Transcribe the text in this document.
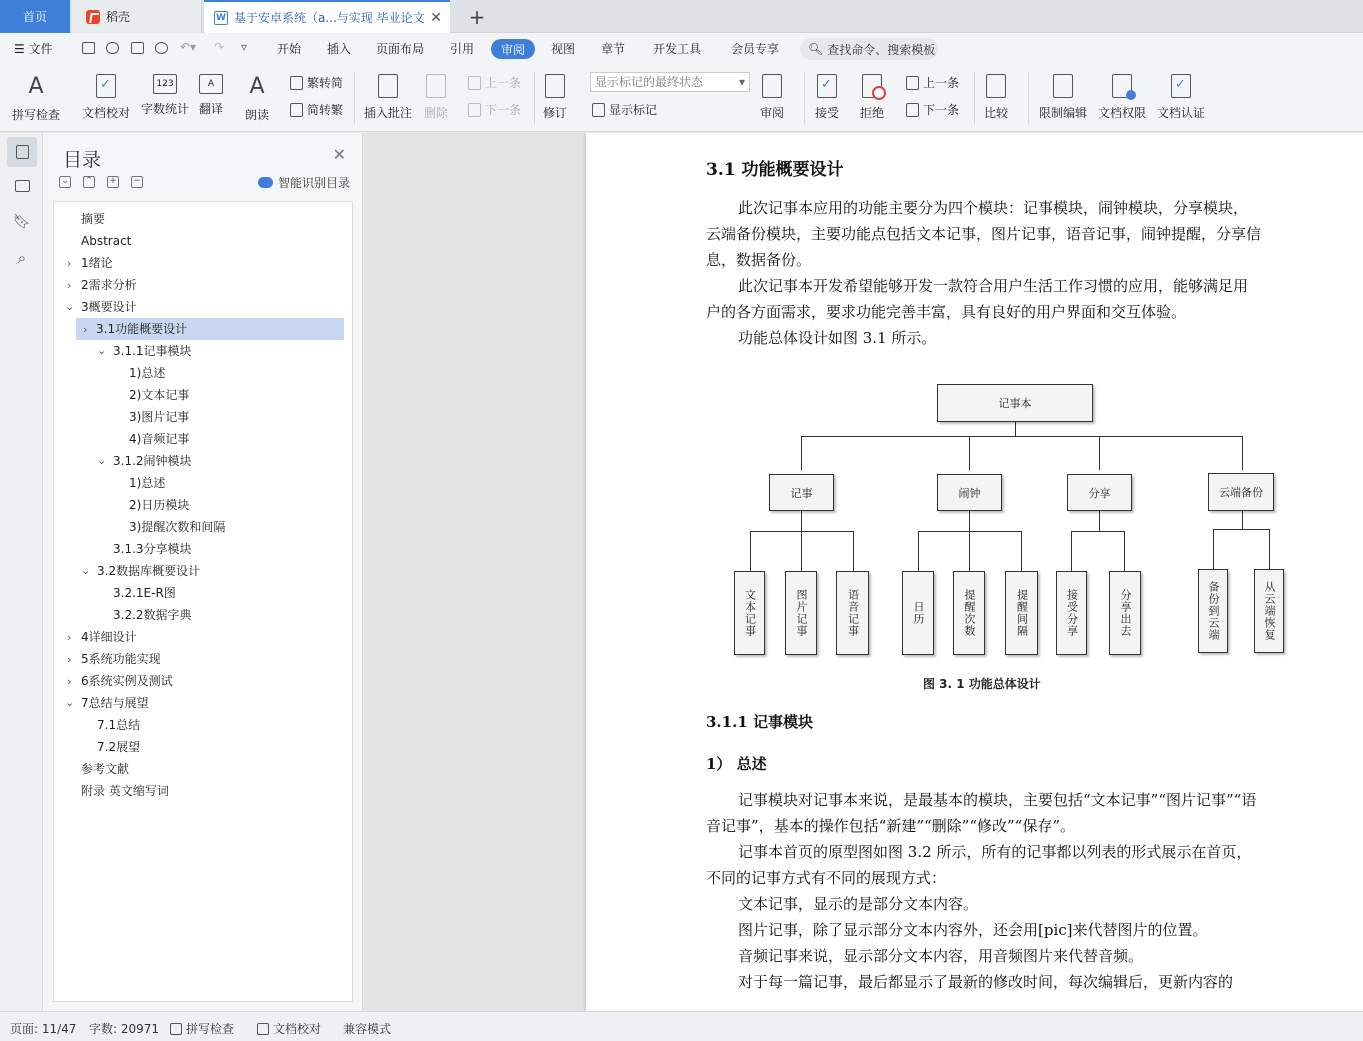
首页	稻壳	W 基于安卓系统（a...与实现 毕业论文 ✕ +
☰ 文件	↶▾ ↷ ▿ 开始 插入 页面布局 引用 审阅 视图 章节 开发工具 会员专享 🔍︎ 查找命令、搜索模板
A
拼写检查
✓ 文档校对
123
字数统计
A
翻译
A
朗读
繁转简
简转繁 插入批注 删除
上一条
下一条 修订
显示标记的最终状态 ▾
显示标记	审阅
✓	接受 拒绝
上一条
下一条 比较	限制编辑 文档权限
✓ 文档认证
🔖︎
⌕
目录	✕
⌄ ⌃ + −	智能识别目录
摘要
Abstract
› 1绪论
› 2需求分析
⌄ 3概要设计
3.1功能概要设计
›
⌄ 3.1.1记事模块
1)总述
2)文本记事
3)图片记事
4)音频记事
⌄ 3.1.2闹钟模块
1)总述
2)日历模块
3)提醒次数和间隔
3.1.3分享模块
⌄ 3.2数据库概要设计
3.2.1E-R图
3.2.2数据字典
› 4详细设计
› 5系统功能实现
› 6系统实例及测试
⌄ 7总结与展望
7.1总结
7.2展望
参考文献
附录 英文缩写词
3.1 功能概要设计
此次记事本应用的功能主要分为四个模块：记事模块，闹钟模块，分享模块，云端备份模块，主要功能点包括文本记事，图片记事，语音记事，闹钟提醒，分享信息，数据备份。
此次记事本开发希望能够开发一款符合用户生活工作习惯的应用，能够满足用户的各方面需求，要求功能完善丰富，具有良好的用户界面和交互体验。
功能总体设计如图 3.1 所示。
记事本
记事	闹钟	分享	云端备份
文本记事	图片记事	语音记事	日历	提醒次数	提醒间隔	接受分享	分享出去	备份到云端	从云端恢复
图 3. 1 功能总体设计
3.1.1 记事模块
1） 总述
记事模块对记事本来说，是最基本的模块，主要包括“文本记事”“图片记事”“语音记事”，基本的操作包括“新建”“删除”“修改”“保存”。
记事本首页的原型图如图 3.2 所示，所有的记事都以列表的形式展示在首页，不同的记事方式有不同的展现方式：
文本记事，显示的是部分文本内容。
图片记事，除了显示部分文本内容外，还会用[pic]来代替图片的位置。
音频记事来说，显示部分文本内容，用音频图片来代替音频。
对于每一篇记事，最后都显示了最新的修改时间，每次编辑后，更新内容的
页面: 11/47 字数: 20971 拼写检查	文档校对 兼容模式
